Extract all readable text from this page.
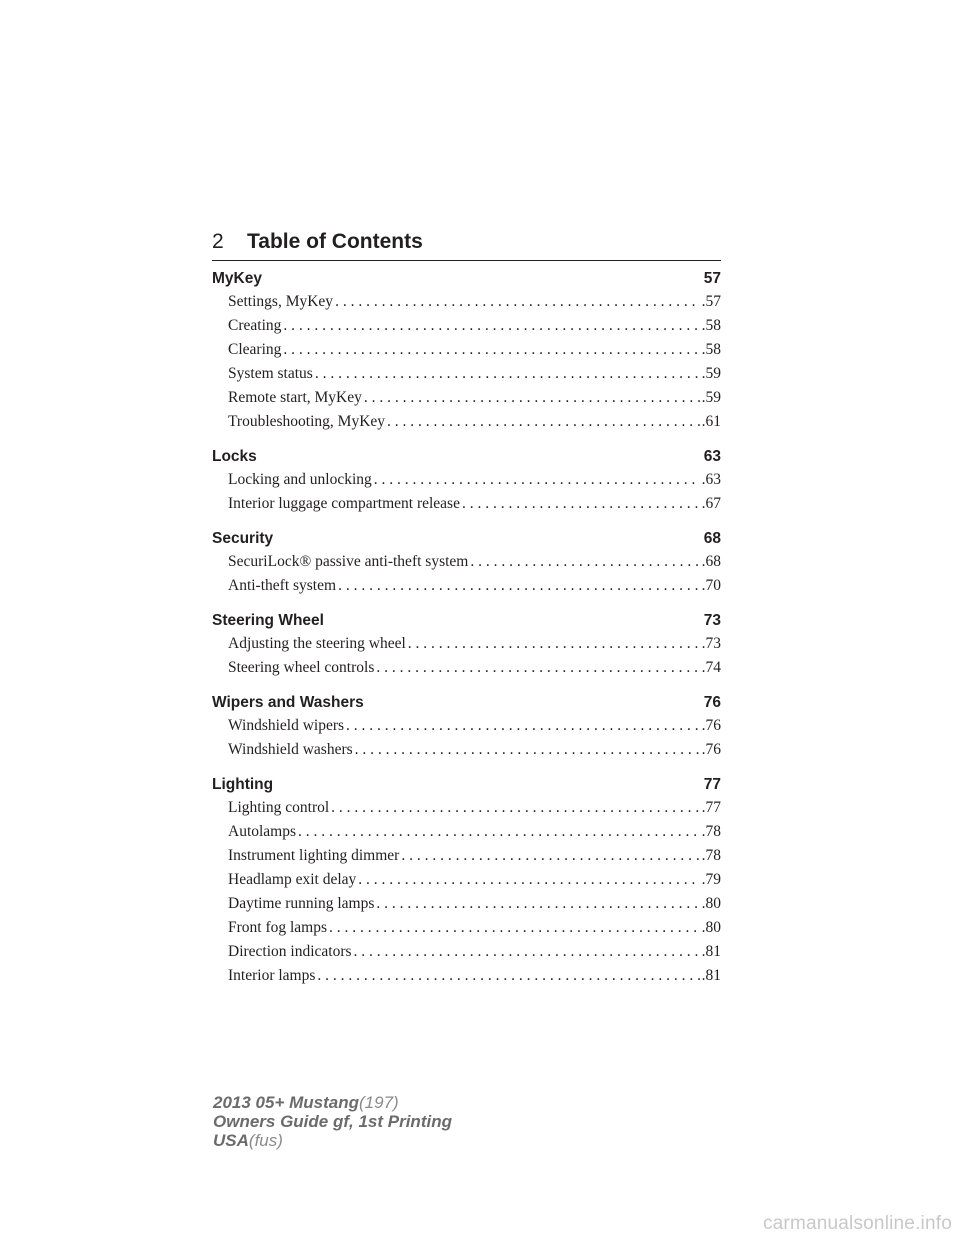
2 Table of Contents
MyKey	57
Settings, MyKey . . .	.57
Creating . . .	.58
Clearing . . .	.58
System status . . .	.59
Remote start, MyKey . . .	.59
Troubleshooting, MyKey . . .	.61
Locks	63
Locking and unlocking . . .	.63
Interior luggage compartment release . . .	.67
Security	68
SecuriLock® passive anti-theft system . . .	.68
Anti-theft system . . .	.70
Steering Wheel	73
Adjusting the steering wheel . . .	.73
Steering wheel controls . . .	.74
Wipers and Washers	76
Windshield wipers . . .	.76
Windshield washers . . .	.76
Lighting	77
Lighting control . . .	.77
Autolamps . . .	.78
Instrument lighting dimmer . . .	.78
Headlamp exit delay . . .	.79
Daytime running lamps . . .	.80
Front fog lamps . . .	.80
Direction indicators . . .	.81
Interior lamps . . .	.81
2013 05+ Mustang(197)
Owners Guide gf, 1st Printing
USA(fus)
carmanualsonline.info
